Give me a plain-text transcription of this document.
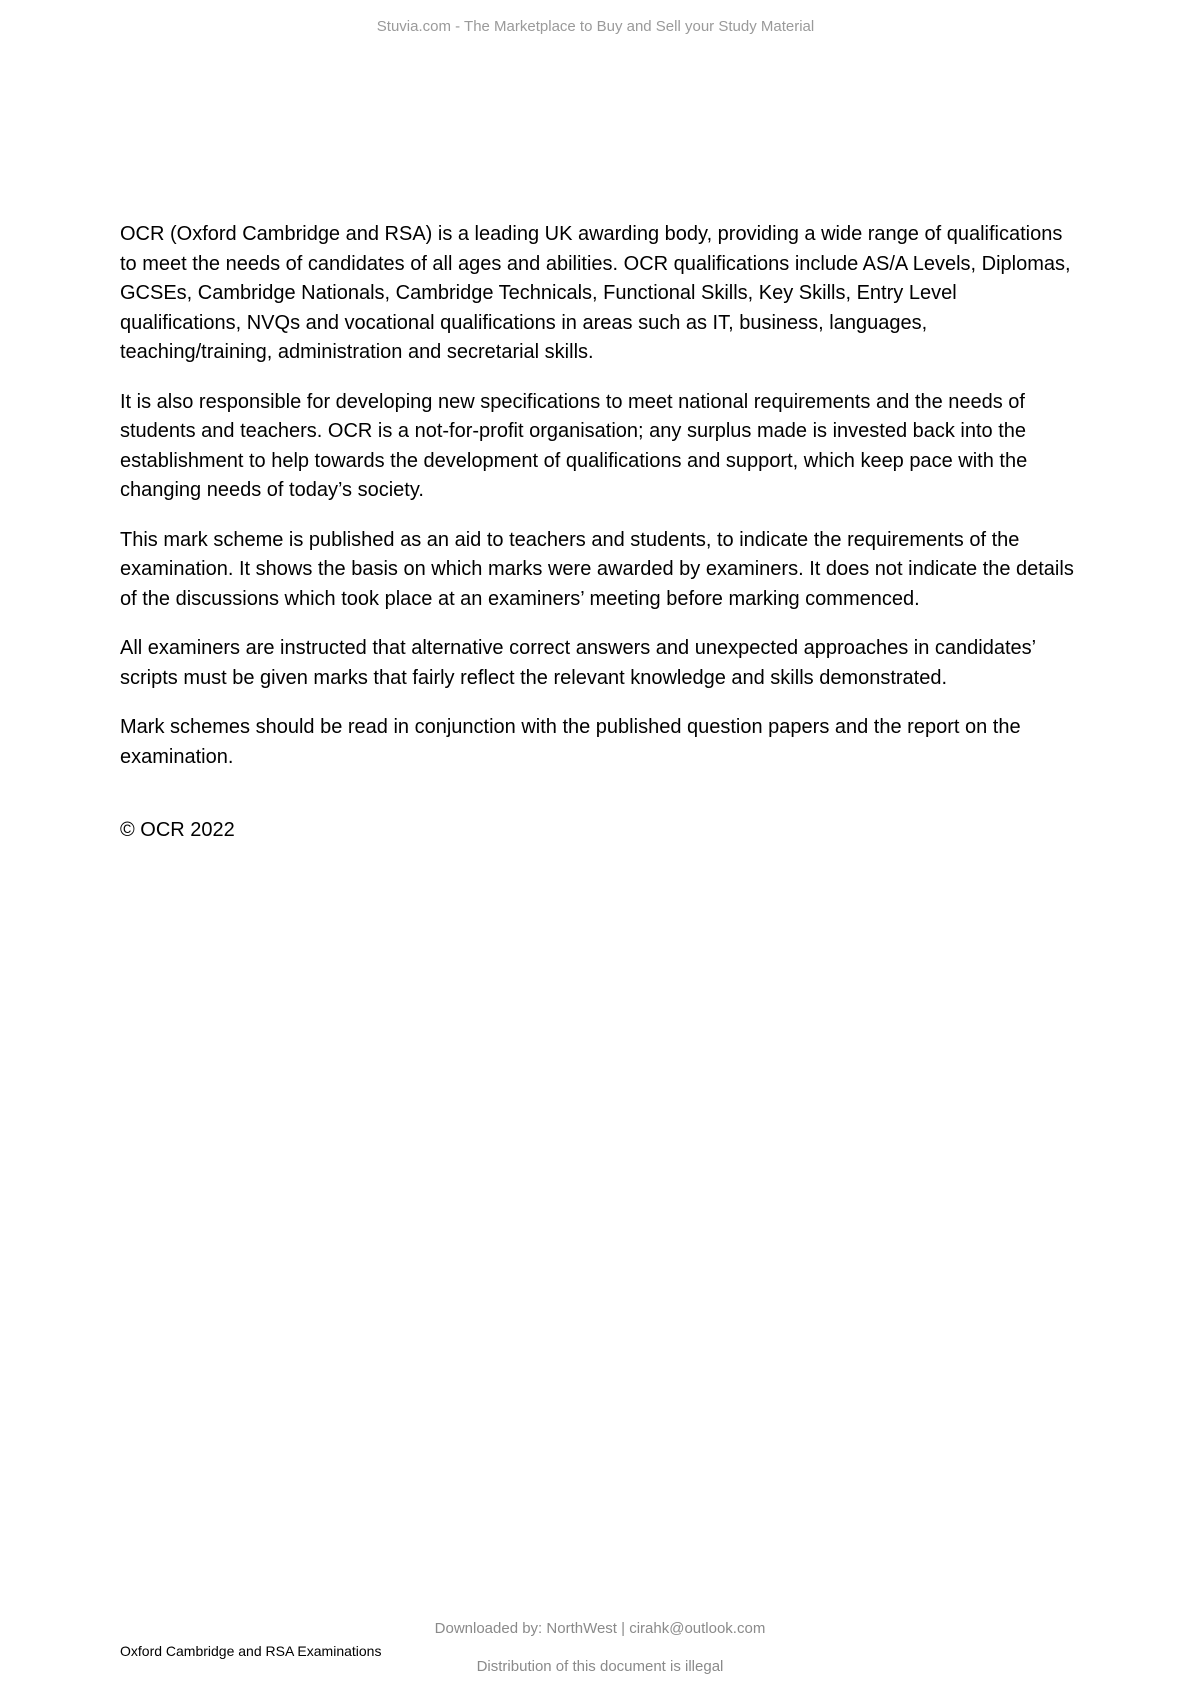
Stuvia.com - The Marketplace to Buy and Sell your Study Material

OCR (Oxford Cambridge and RSA) is a leading UK awarding body, providing a wide range of qualifications to meet the needs of candidates of all ages and abilities. OCR qualifications include AS/A Levels, Diplomas, GCSEs, Cambridge Nationals, Cambridge Technicals, Functional Skills, Key Skills, Entry Level qualifications, NVQs and vocational qualifications in areas such as IT, business, languages, teaching/training, administration and secretarial skills.

It is also responsible for developing new specifications to meet national requirements and the needs of students and teachers. OCR is a not-for-profit organisation; any surplus made is invested back into the establishment to help towards the development of qualifications and support, which keep pace with the changing needs of today’s society.

This mark scheme is published as an aid to teachers and students, to indicate the requirements of the examination. It shows the basis on which marks were awarded by examiners. It does not indicate the details of the discussions which took place at an examiners’ meeting before marking commenced.

All examiners are instructed that alternative correct answers and unexpected approaches in candidates’ scripts must be given marks that fairly reflect the relevant knowledge and skills demonstrated.

Mark schemes should be read in conjunction with the published question papers and the report on the examination.

© OCR 2022
Downloaded by: NorthWest | cirahk@outlook.com
Oxford Cambridge and RSA Examinations
Distribution of this document is illegal
